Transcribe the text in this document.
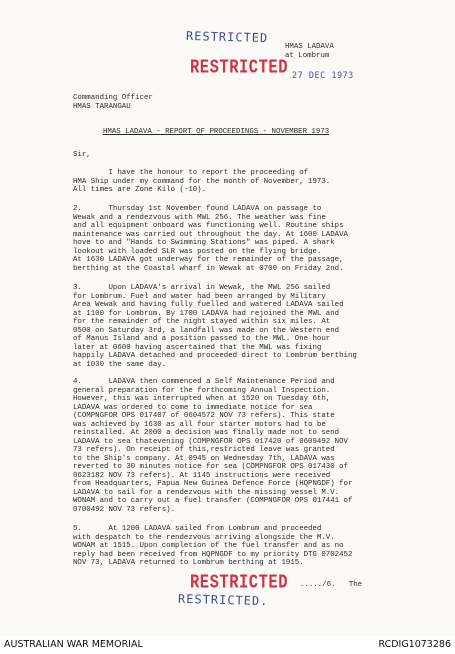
RESTRICTED
HMAS LADAVA
at Lombrum
RESTRICTED 27 DEC 1973
Commanding Officer
HMAS TARANGAU
HMAS LADAVA - REPORT OF PROCEEDINGS - NOVEMBER 1973
Sir,
I have the honour to report the proceeding of
HMA Ship under my command for the month of November, 1973.
All times are Zone Kilo (-10).
2.      Thursday 1st November found LADAVA on passage to
Wewak and a rendezvous with MWL 256. The weather was fine
and all equipment onboard was functioning well. Routine ships
maintenance was carried out throughout the day. At 1600 LADAVA
hove to and "Hands to Swimming Stations" was piped. A shark
lookout with loaded SLR was posted on the flying bridge.
At 1630 LADAVA got underway for the remainder of the passage,
berthing at the Coastal wharf in Wewak at 0700 on Friday 2nd.
3.      Upon LADAVA's arrival in Wewak, the MWL 256 sailed
for Lombrum. Fuel and water had been arranged by Military
Area Wewak and having fully fuelled and watered LADAVA sailed
at 1100 for Lombrum. By 1700 LADAVA had rejoined the MWL and
for the remainder of the night stayed within six miles. At
0500 on Saturday 3rd, a landfall was made on the Western end
of Manus Island and a position passed to the MWL. One hour
later at 0600 having ascertained that the MWL was fixing
happily LADAVA detached and proceeded direct to Lombrum berthing
at 1030 the same day.
4.      LADAVA then commenced a Self Maintenance Period and
general preparation for the forthcoming Annual Inspection.
However, this was interrupted when at 1520 on Tuesday 6th,
LADAVA was ordered to come to immediate notice for sea
(COMPNGFOR OPS 017407 of 0604572 NOV 73 refers). This state
was achieved by 1630 as all four starter motors had to be
reinstalled. At 2000 a decision was finally made not to send
LADAVA to sea thatevening (COMPNGFOR OPS 017420 of 0609492 NOV
73 refers). On receipt of this,restricted leave was granted
to the Ship's company. At 0945 on Wednesday 7th, LADAVA was
reverted to 30 minutes notice for sea (COMPNGFOR OPS 017430 of
0623182 NOV 73 refers). At 1145 instructions were received
from Headquarters, Papua New Guinea Defence Force (HQPNGDF) for
LADAVA to sail for a rendezvous with the missing vessel M.V.
WONAM and to carry out a fuel transfer (COMPNGFOR OPS 017441 of
0700492 NOV 73 refers).
5.      At 1200 LADAVA sailed from Lombrum and proceeded
with despatch to the rendezvous arriving alongside the M.V.
WONAM at 1515. Upon completion of the fuel transfer and as no
reply had been received from HQPNGDF to my priority DTG 0702452
NOV 73, LADAVA returned to Lombrum berthing at 1915.
RESTRICTED ...../6.   The
RESTRICTED.
AUSTRALIAN WAR MEMORIAL	RCDIG1073286
